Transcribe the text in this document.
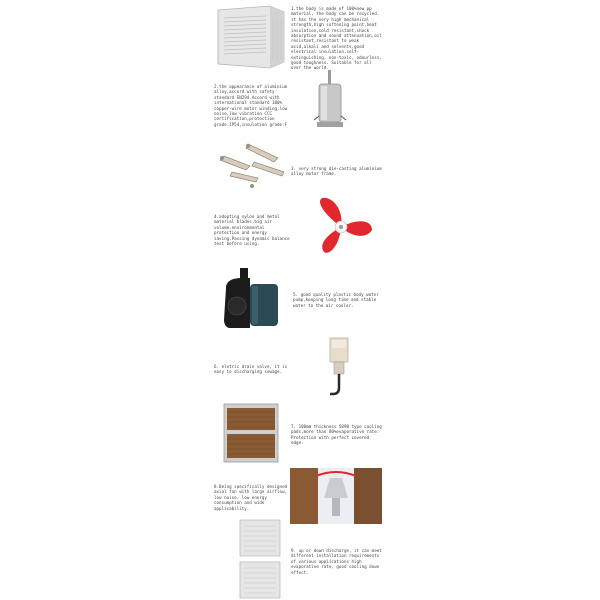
1.the body is made of 100%new pp material, the body can be recycled. it has the very high mechanical strength,high softening point,heat insulation,cold resistant,shock absorption and sound attenuation,oil resistant,resistant to weak acid,alkali and solvents,good electrical insulation,self-extinguishing, non-toxic, odourless, good toughness. Suitable for all over the world.
2.the appearance of aluminium alloy,accord with safety standard EN294.Accord with international standard 100% copper-wire motor winding,low noise,low vibration CCC certification,protection grade:IP54,insulation grade:F
3. very strong die-casting aluminium alloy motor frame.
4.adopting nylon and metal material blades,big air volume,environmental protection and energy saving.Passing dynamic balance test before using.
5. good quality plastic body water pump,keeping long time and stable water to the air cooler.
6. eletric drain valve, it is easy to discharging sewage.
7. 100mm thickness 5090 type cooling pads,more than 80%evaporative rate. Protection with perfect covered edge.
8.Being specifically designed axial fan with large airflow, low noise, low energy consumption and wide applicability.
9. up or down discharge, it can meet different installation requirements of various applications high evaporative rate, good cooling down effect.
